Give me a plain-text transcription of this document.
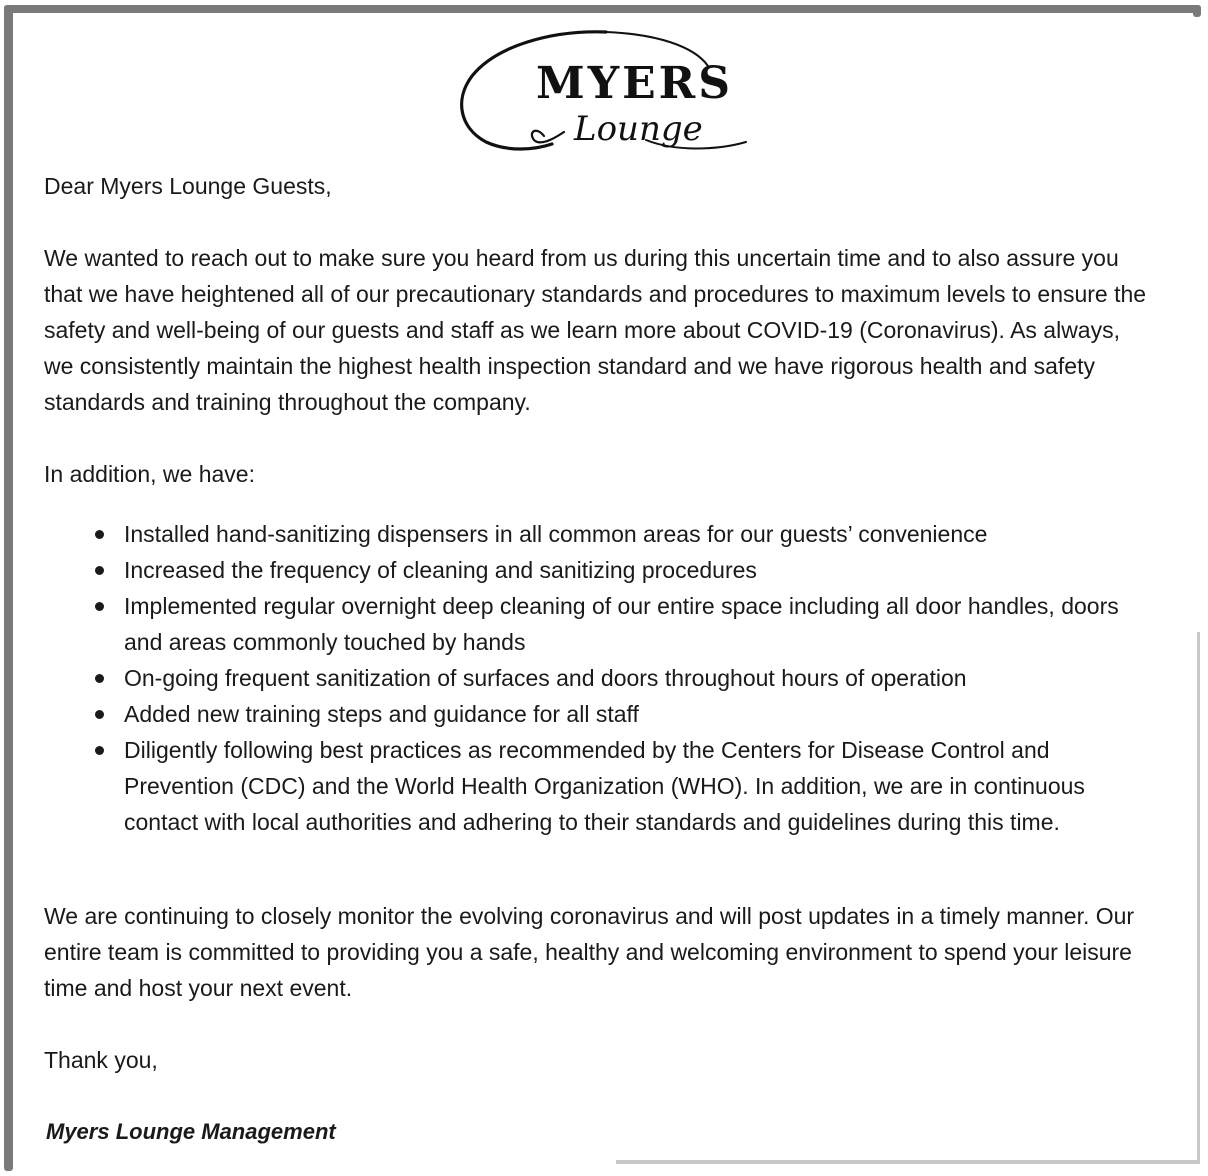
MYERS
Lounge

Dear Myers Lounge Guests,

We wanted to reach out to make sure you heard from us during this uncertain time and to also assure you that we have heightened all of our precautionary standards and procedures to maximum levels to ensure the safety and well-being of our guests and staff as we learn more about COVID-19 (Coronavirus). As always, we consistently maintain the highest health inspection standard and we have rigorous health and safety standards and training throughout the company.

In addition, we have:

Installed hand-sanitizing dispensers in all common areas for our guests’ convenience
Increased the frequency of cleaning and sanitizing procedures
Implemented regular overnight deep cleaning of our entire space including all door handles, doors and areas commonly touched by hands
On-going frequent sanitization of surfaces and doors throughout hours of operation
Added new training steps and guidance for all staff
Diligently following best practices as recommended by the Centers for Disease Control and Prevention (CDC) and the World Health Organization (WHO). In addition, we are in continuous contact with local authorities and adhering to their standards and guidelines during this time.

We are continuing to closely monitor the evolving coronavirus and will post updates in a timely manner. Our entire team is committed to providing you a safe, healthy and welcoming environment to spend your leisure time and host your next event.

Thank you,

Myers Lounge Management
